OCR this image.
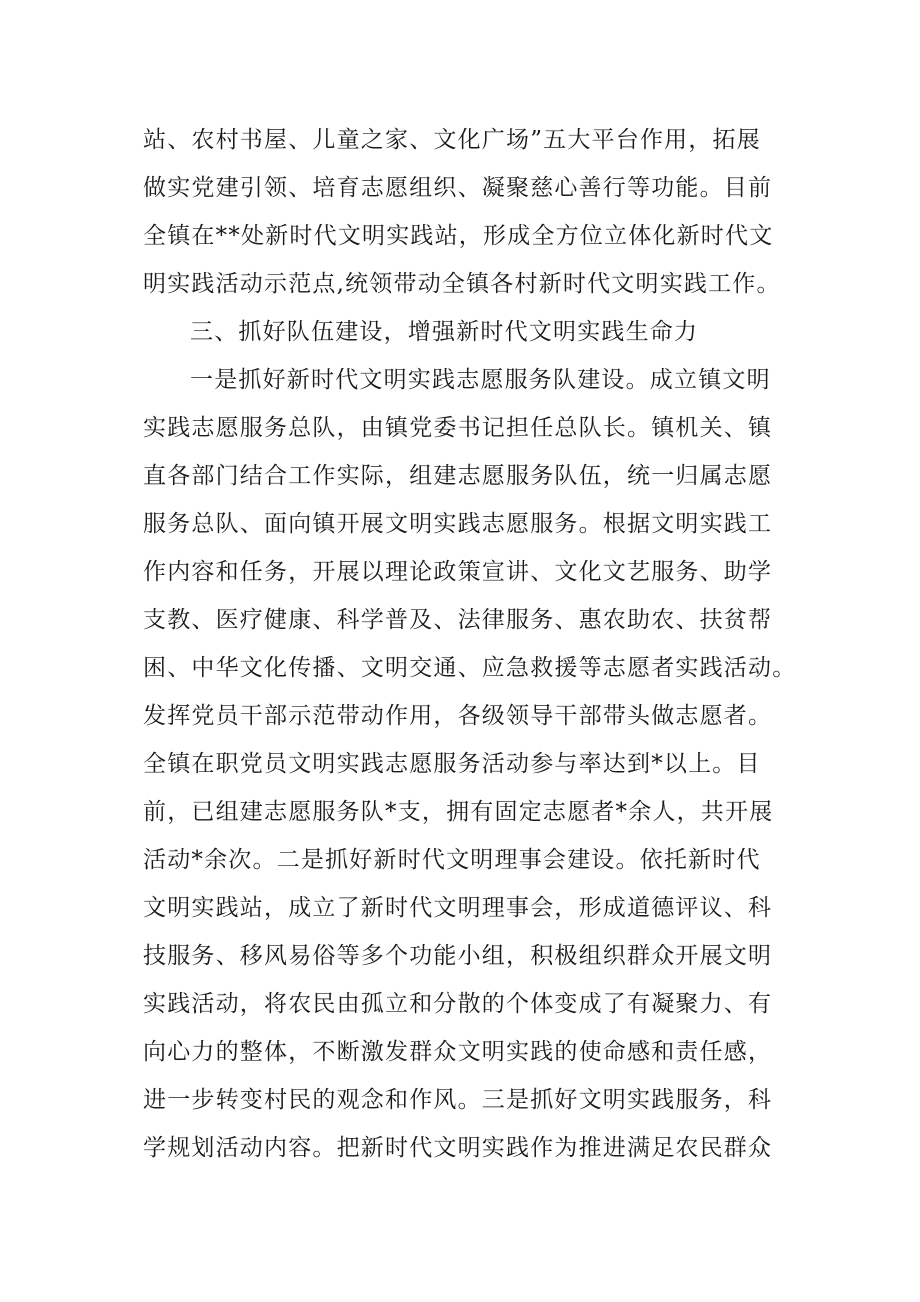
站、农村书屋、儿童之家、文化广场”五大平台作用，拓展
做实党建引领、培育志愿组织、凝聚慈心善行等功能。目前
全镇在**处新时代文明实践站，形成全方位立体化新时代文
明实践活动示范点,统领带动全镇各村新时代文明实践工作。
三、抓好队伍建设，增强新时代文明实践生命力
一是抓好新时代文明实践志愿服务队建设。成立镇文明
实践志愿服务总队，由镇党委书记担任总队长。镇机关、镇
直各部门结合工作实际，组建志愿服务队伍，统一归属志愿
服务总队、面向镇开展文明实践志愿服务。根据文明实践工
作内容和任务，开展以理论政策宣讲、文化文艺服务、助学
支教、医疗健康、科学普及、法律服务、惠农助农、扶贫帮
困、中华文化传播、文明交通、应急救援等志愿者实践活动。
发挥党员干部示范带动作用，各级领导干部带头做志愿者。
全镇在职党员文明实践志愿服务活动参与率达到*以上。目
前，已组建志愿服务队*支，拥有固定志愿者*余人，共开展
活动*余次。二是抓好新时代文明理事会建设。依托新时代
文明实践站，成立了新时代文明理事会，形成道德评议、科
技服务、移风易俗等多个功能小组，积极组织群众开展文明
实践活动，将农民由孤立和分散的个体变成了有凝聚力、有
向心力的整体，不断激发群众文明实践的使命感和责任感，
进一步转变村民的观念和作风。三是抓好文明实践服务，科
学规划活动内容。把新时代文明实践作为推进满足农民群众
